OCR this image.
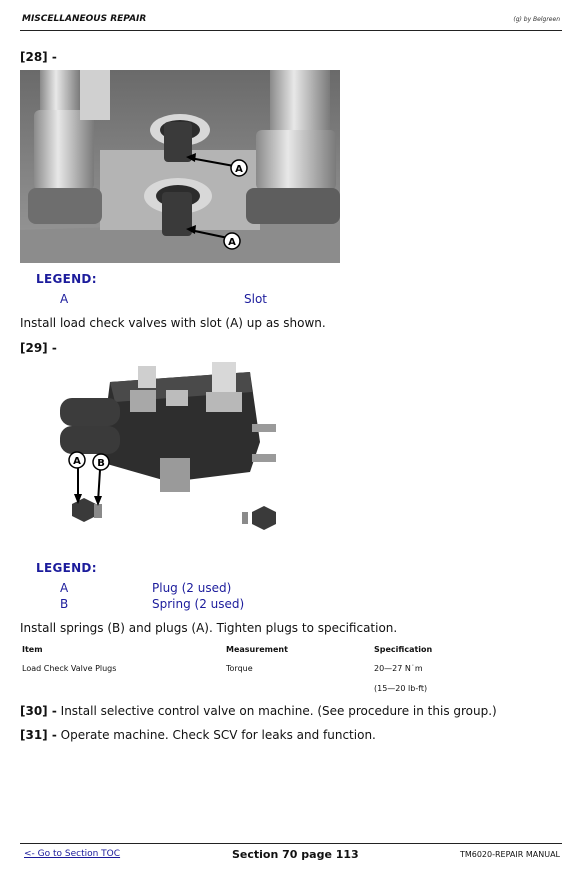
MISCELLANEOUS REPAIR	(g) by Belgreen
[28] -
A
A
LEGEND:
A	Slot
Install load check valves with slot (A) up as shown.
[29] -
A B
LEGEND:
A	Plug (2 used)
B	Spring (2 used)
Install springs (B) and plugs (A). Tighten plugs to specification.
Item	Measurement	Specification
Load Check Valve Plugs	Torque	20—27 N˙m
(15—20 lb-ft)
[30] - Install selective control valve on machine. (See procedure in this group.)
[31] - Operate machine. Check SCV for leaks and function.
<- Go to Section TOC	Section 70 page 113	TM6020-REPAIR MANUAL
